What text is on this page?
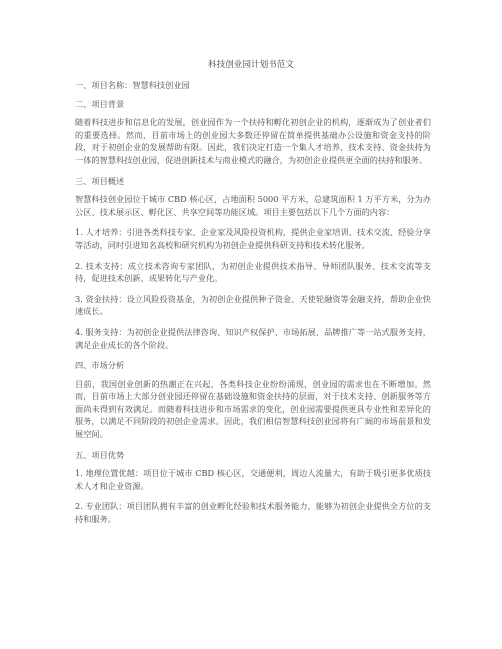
科技创业园计划书范文
一、项目名称：智慧科技创业园
二、项目背景
随着科技进步和信息化的发展，创业园作为一个扶持和孵化初创企业的机构，逐渐成为了创业者们的重要选择。然而，目前市场上的创业园大多数还停留在简单提供基础办公设施和资金支持的阶段，对于初创企业的发展帮助有限。因此，我们决定打造一个集人才培养、技术支持、资金扶持为一体的智慧科技创业园，促进创新技术与商业模式的融合，为初创企业提供更全面的扶持和服务。
三、项目概述
智慧科技创业园位于城市 CBD 核心区，占地面积 5000 平方米，总建筑面积 1 万平方米，分为办公区、技术展示区、孵化区、共享空间等功能区域。项目主要包括以下几个方面的内容：
1. 人才培养：引进各类科技专家、企业家及风险投资机构，提供企业家培训、技术交流、经验分享等活动，同时引进知名高校和研究机构为初创企业提供科研支持和技术转化服务。
2. 技术支持：成立技术咨询专家团队，为初创企业提供技术指导、导师团队服务、技术交流等支持，促进技术创新、成果转化与产业化。
3. 资金扶持：设立风险投资基金，为初创企业提供种子资金、天使轮融资等金融支持，帮助企业快速成长。
4. 服务支持：为初创企业提供法律咨询、知识产权保护、市场拓展、品牌推广等一站式服务支持，满足企业成长的各个阶段。
四、市场分析
目前，我国创业创新的热潮正在兴起，各类科技企业纷纷涌现，创业园的需求也在不断增加。然而，目前市场上大部分创业园还停留在基础设施和资金扶持的层面，对于技术支持、创新服务等方面尚未得到有效满足。而随着科技进步和市场需求的变化，创业园需要提供更具专业性和差异化的服务，以满足不同阶段的初创企业需求。因此，我们相信智慧科技创业园将有广阔的市场前景和发展空间。
五、项目优势
1. 地理位置优越：项目位于城市 CBD 核心区，交通便利，周边人流量大，有助于吸引更多优质技术人才和企业资源。
2. 专业团队：项目团队拥有丰富的创业孵化经验和技术服务能力，能够为初创企业提供全方位的支持和服务。
